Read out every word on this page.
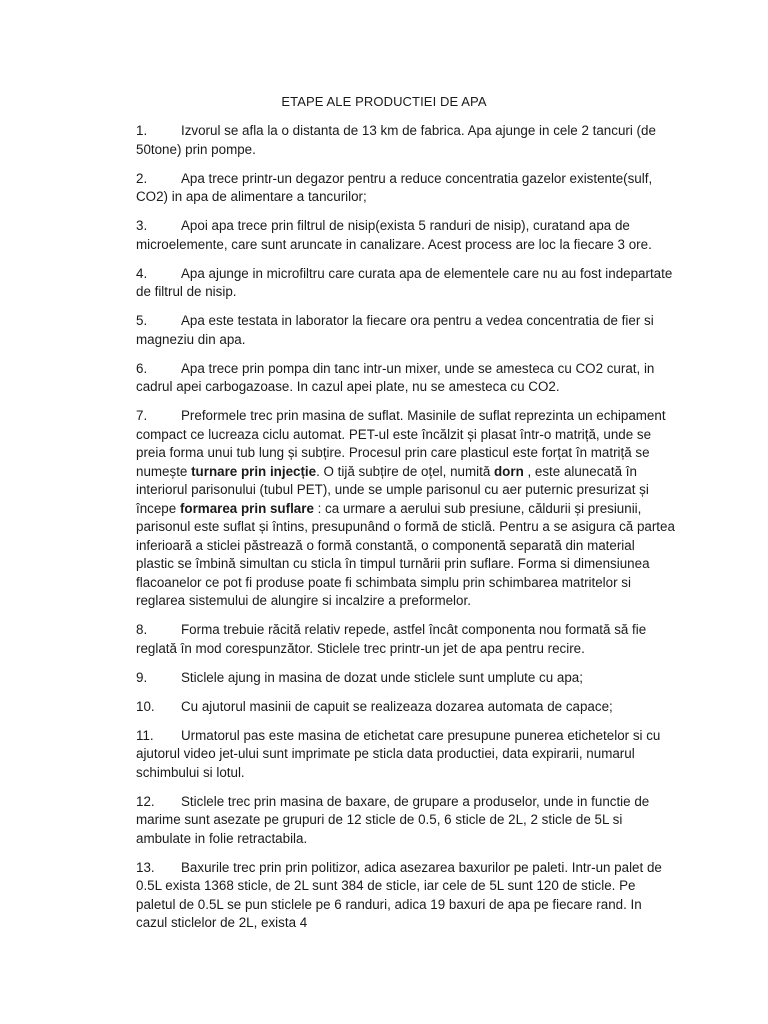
ETAPE ALE PRODUCTIEI DE APA

1.	Izvorul se afla la o distanta de 13 km de fabrica. Apa ajunge in cele 2 tancuri (de 50tone) prin pompe.

2.	Apa trece printr-un degazor pentru a reduce concentratia gazelor existente(sulf, CO2) in apa de alimentare a tancurilor;

3.	Apoi apa trece prin filtrul de nisip(exista 5 randuri de nisip), curatand apa de microelemente, care sunt aruncate in canalizare. Acest process are loc la fiecare 3 ore.

4.	Apa ajunge in microfiltru care curata apa de elementele care nu au fost indepartate de filtrul de nisip.

5.	Apa este testata in laborator la fiecare ora pentru a vedea concentratia de fier si magneziu din apa.

6.	Apa trece prin pompa din tanc intr-un mixer, unde se amesteca cu CO2 curat, in cadrul apei carbogazoase. In cazul apei plate, nu se amesteca cu CO2.

7.	Preformele trec prin masina de suflat. Masinile de suflat reprezinta un echipament compact ce lucreaza ciclu automat. PET-ul este încălzit și plasat într-o matriță, unde se preia forma unui tub lung și subțire. Procesul prin care plasticul este forțat în matriță se numește turnare prin injecție. O tijă subțire de oțel, numită dorn , este alunecată în interiorul parisonului (tubul PET), unde se umple parisonul cu aer puternic presurizat și începe formarea prin suflare : ca urmare a aerului sub presiune, căldurii și presiunii, parisonul este suflat și întins, presupunând o formă de sticlă. Pentru a se asigura că partea inferioară a sticlei păstrează o formă constantă, o componentă separată din material plastic se îmbină simultan cu sticla în timpul turnării prin suflare. Forma si dimensiunea flacoanelor ce pot fi produse poate fi schimbata simplu prin schimbarea matritelor si reglarea sistemului de alungire si incalzire a preformelor.

8.	Forma trebuie răcită relativ repede, astfel încât componenta nou formată să fie reglată în mod corespunzător. Sticlele trec printr-un jet de apa pentru recire.

9.	Sticlele ajung in masina de dozat unde sticlele sunt umplute cu apa;

10. Cu ajutorul masinii de capuit se realizeaza dozarea automata de capace;

11. Urmatorul pas este masina de etichetat care presupune punerea etichetelor si cu ajutorul video jet-ului sunt imprimate pe sticla data productiei, data expirarii, numarul schimbului si lotul.

12. Sticlele trec prin masina de baxare, de grupare a produselor, unde in functie de marime sunt asezate pe grupuri de 12 sticle de 0.5, 6 sticle de 2L, 2 sticle de 5L si ambulate in folie retractabila.

13. Baxurile trec prin prin politizor, adica asezarea baxurilor pe paleti. Intr-un palet de 0.5L exista 1368 sticle, de 2L sunt 384 de sticle, iar cele de 5L sunt 120 de sticle. Pe paletul de 0.5L se pun sticlele pe 6 randuri, adica 19 baxuri de apa pe fiecare rand. In cazul sticlelor de 2L, exista 4
